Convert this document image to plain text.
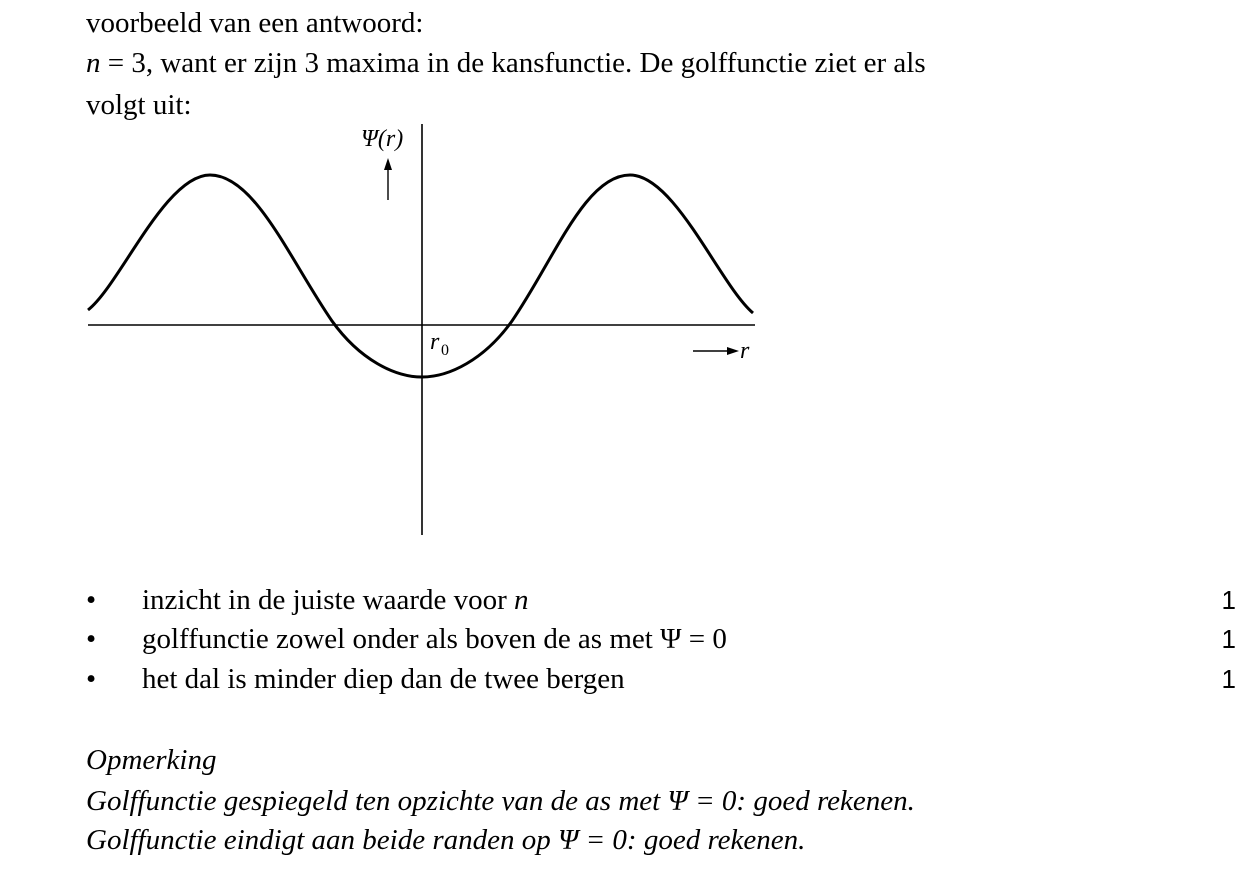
voorbeeld van een antwoord:
n = 3, want er zijn 3 maxima in de kansfunctie. De golffunctie ziet er als
volgt uit:
Ψ(r)
r
r 0
• inzicht in de juiste waarde voor n	1
• golffunctie zowel onder als boven de as met Ψ = 0	1
• het dal is minder diep dan de twee bergen	1
Opmerking
Golffunctie gespiegeld ten opzichte van de as met Ψ = 0: goed rekenen.
Golffunctie eindigt aan beide randen op Ψ = 0: goed rekenen.
